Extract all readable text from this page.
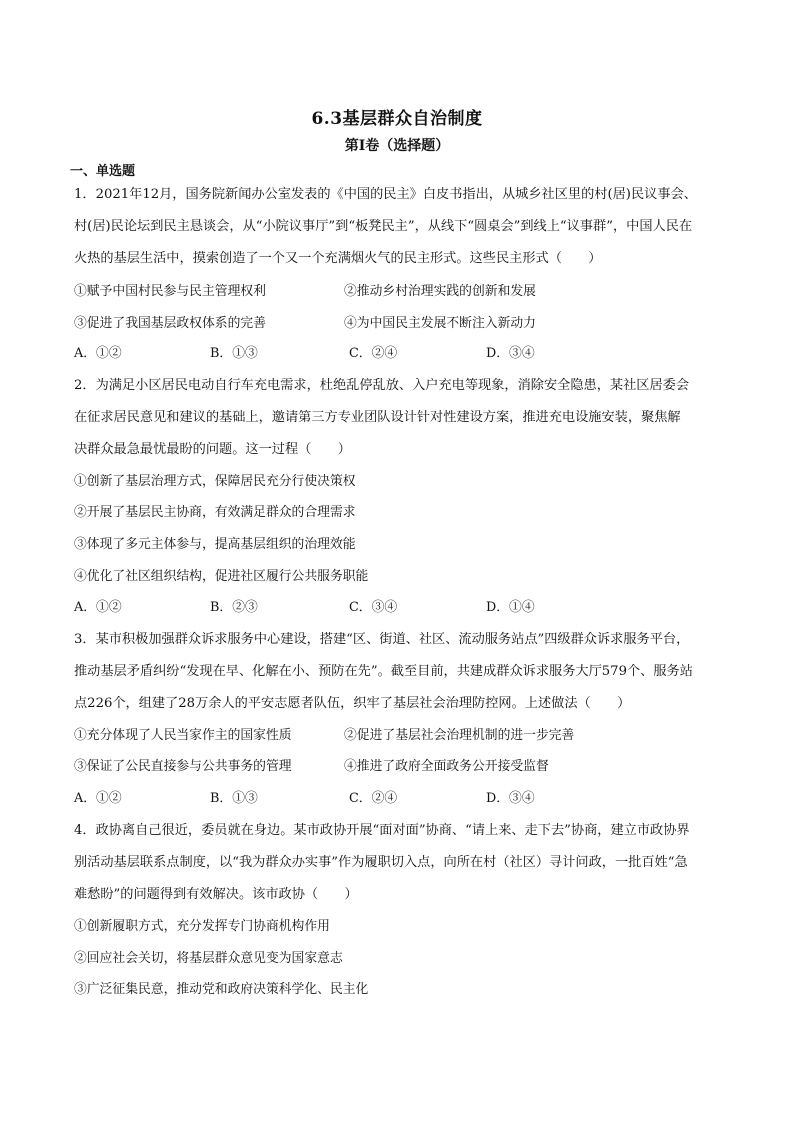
6.3基层群众自治制度
第I卷（选择题）
一、单选题
1．2021年12月，国务院新闻办公室发表的《中国的民主》白皮书指出，从城乡社区里的村(居)民议事会、
村(居)民论坛到民主恳谈会，从“小院议事厅”到“板凳民主”，从线下“圆桌会”到线上“议事群”，中国人民在
火热的基层生活中，摸索创造了一个又一个充满烟火气的民主形式。这些民主形式（　　）
①赋予中国村民参与民主管理权利	②推动乡村治理实践的创新和发展
③促进了我国基层政权体系的完善	④为中国民主发展不断注入新动力
A．①②	B．①③	C．②④	D．③④
2．为满足小区居民电动自行车充电需求，杜绝乱停乱放、入户充电等现象，消除安全隐患，某社区居委会
在征求居民意见和建议的基础上，邀请第三方专业团队设计针对性建设方案，推进充电设施安装，聚焦解
决群众最急最忧最盼的问题。这一过程（　　）
①创新了基层治理方式，保障居民充分行使决策权
②开展了基层民主协商，有效满足群众的合理需求
③体现了多元主体参与，提高基层组织的治理效能
④优化了社区组织结构，促进社区履行公共服务职能
A．①②	B．②③	C．③④	D．①④
3．某市积极加强群众诉求服务中心建设，搭建“区、街道、社区、流动服务站点”四级群众诉求服务平台，
推动基层矛盾纠纷“发现在早、化解在小、预防在先”。截至目前，共建成群众诉求服务大厅579个、服务站
点226个，组建了28万余人的平安志愿者队伍，织牢了基层社会治理防控网。上述做法（　　）
①充分体现了人民当家作主的国家性质	②促进了基层社会治理机制的进一步完善
③保证了公民直接参与公共事务的管理	④推进了政府全面政务公开接受监督
A．①②	B．①③	C．②④	D．③④
4．政协离自己很近，委员就在身边。某市政协开展“面对面”协商、“请上来、走下去”协商，建立市政协界
别活动基层联系点制度，以“我为群众办实事”作为履职切入点，向所在村（社区）寻计问政，一批百姓“急
难愁盼”的问题得到有效解决。该市政协（　　）
①创新履职方式，充分发挥专门协商机构作用
②回应社会关切，将基层群众意见变为国家意志
③广泛征集民意，推动党和政府决策科学化、民主化
